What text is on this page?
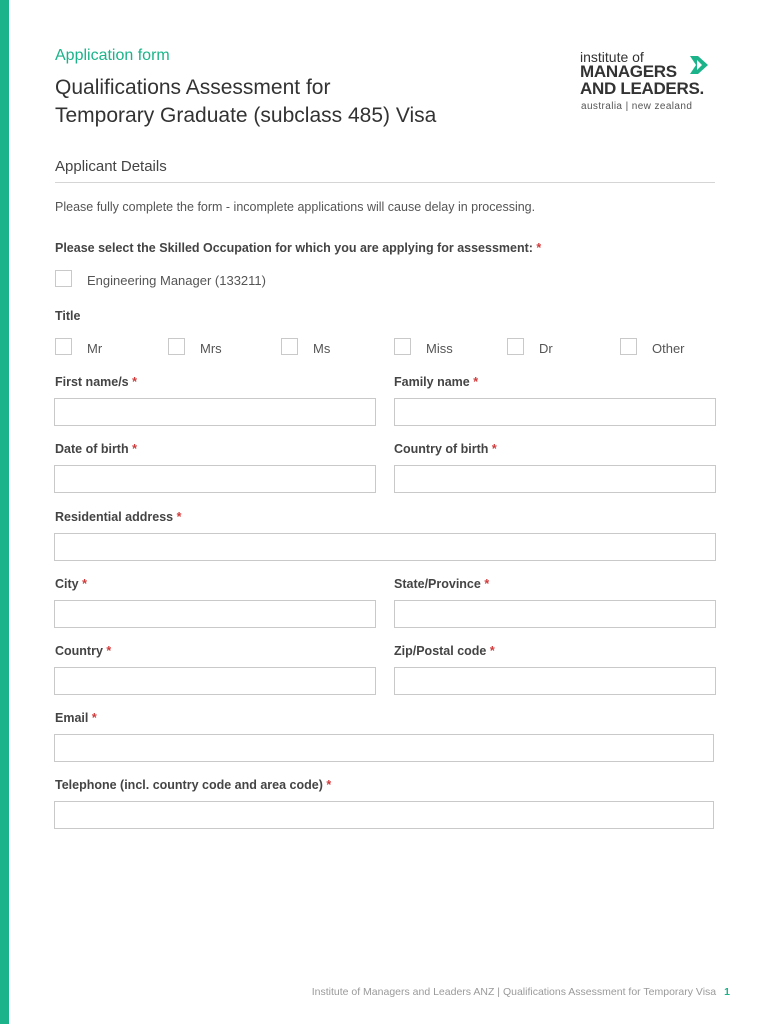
Application form
Qualifications Assessment for
Temporary Graduate (subclass 485) Visa
institute of
MANAGERS
AND LEADERS.
australia | new zealand
Applicant Details
Please fully complete the form - incomplete applications will cause delay in processing.
Please select the Skilled Occupation for which you are applying for assessment: *
Engineering Manager (133211)
Title
Mr	Mrs	Ms	Miss	Dr	Other
First name/s *	Family name *
Date of birth *	Country of birth *
Residential address *
City *	State/Province *
Country *	Zip/Postal code *
Email *
Telephone (incl. country code and area code) *
Institute of Managers and Leaders ANZ | Qualifications Assessment for Temporary Visa 1
